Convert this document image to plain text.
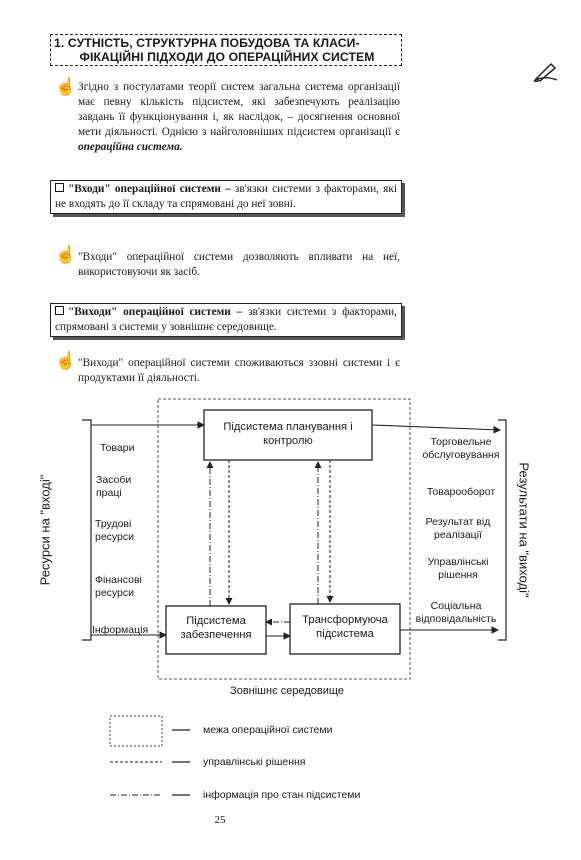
1. СУТНІСТЬ, СТРУКТУРНА ПОБУДОВА ТА КЛАСИ-
ФІКАЦІЙНІ ПІДХОДИ ДО ОПЕРАЦІЙНИХ СИСТЕМ
☝ Згідно з постулатами теорії систем загальна система організації має певну кількість підсистем, які забезпечують реалізацію завдань її функціонування і, як наслідок, – досягнення основної мети діяльності. Однією з найголовніших підсистем організації є операційна система.
"Входи" операційної системи – зв'язки системи з факторами, які не входять до її складу та спрямовані до неї зовні.
☝ "Входи" операційної системи дозволяють впливати на неї, використовуючи як засіб.
"Виходи" операційної системи – зв'язки системи з факторами, спрямовані з системи у зовнішнє середовище.
☝ "Виходи" операційної системи споживаються ззовні системи і є продуктами її діяльності.
Підсистема планування і контролю
Підсистема забезпечення
Трансформуюча підсистема
Ресурси на "вході"	Результати на "виході"
Товари
Засоби праці
Трудові ресурси
Фінансові ресурси
Інформація
Торговельне обслуговування
Товарооборот
Результат від реалізації
Управлінські рішення
Соціальна відповідальність
Зовнішнє середовище
межа операційної системи
управлінські рішення
інформація про стан підсистеми
25
